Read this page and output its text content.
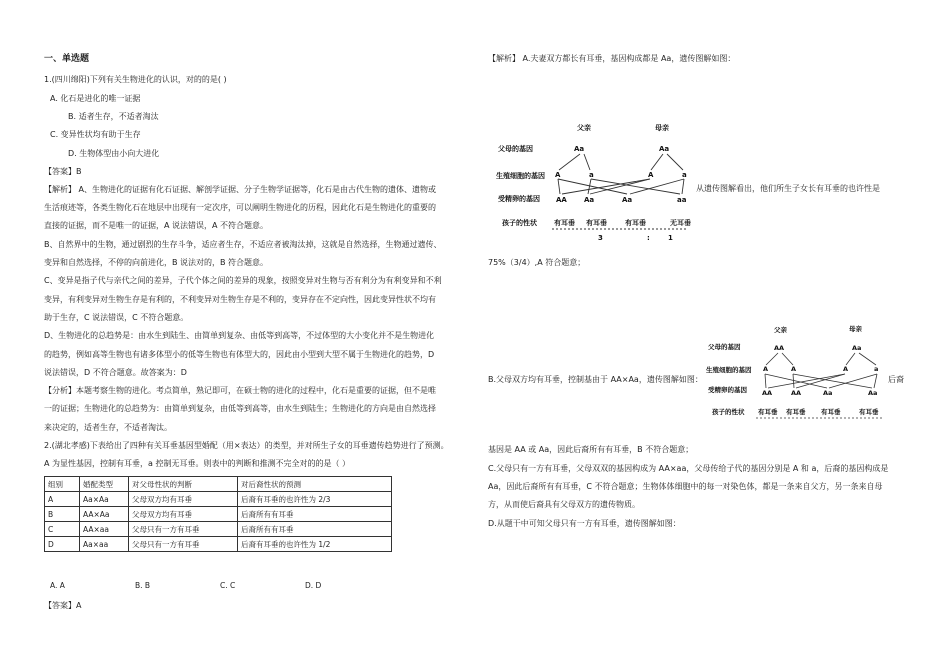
一、单选题
1.(四川绵阳)下列有关生物进化的认识，对的的是( )
A. 化石是进化的唯一证据
B. 适者生存，不适者淘汰
C. 变异性状均有助于生存
D. 生物体型由小向大进化
【答案】B
【解析】 A、生物进化的证据有化石证据、解剖学证据、分子生物学证据等，化石是由古代生物的遗体、遗物或
生活痕迹等，各类生物化石在地层中出现有一定次序，可以阐明生物进化的历程，因此化石是生物进化的重要的
直接的证据，而不是唯一的证据，A 说法错误，A 不符合题意。
B、自然界中的生物，通过剧烈的生存斗争，适应者生存，不适应者被淘汰掉，这就是自然选择，生物通过遗传、
变异和自然选择，不停的向前进化，B 说法对的，B 符合题意。
C、变异是指子代与亲代之间的差异，子代个体之间的差异的现象，按照变异对生物与否有利分为有利变异和不利
变异，有利变异对生物生存是有利的，不利变异对生物生存是不利的，变异存在不定向性，因此变异性状不均有
助于生存，C 说法错误，C 不符合题意。
D、生物进化的总趋势是：由水生到陆生、由简单到复杂、由低等到高等，不过体型的大小变化并不是生物进化
的趋势，例如高等生物也有诸多体型小的低等生物也有体型大的，因此由小型到大型不属于生物进化的趋势，D
说法错误，D 不符合题意。故答案为：D
【分析】本题考察生物的进化。考点简单，熟记即可，在硕士物的进化的过程中，化石是重要的证据，但不是唯
一的证据；生物进化的总趋势为：由简单到复杂，由低等到高等，由水生到陆生；生物进化的方向是由自然选择
来决定的，适者生存，不适者淘汰。
2.(湖北孝感)下表给出了四种有关耳垂基因型婚配（用×表达）的类型，并对所生子女的耳垂遗传趋势进行了预测。
A 为显性基因，控制有耳垂，a 控制无耳垂。则表中的判断和推测不完全对的的是（ ）
组别	婚配类型	对父母性状的判断	对后裔性状的预测
A	Aa×Aa	父母双方均有耳垂	后裔有耳垂的也许性为 2/3
B	AA×Aa	父母双方均有耳垂	后裔所有有耳垂
C	AA×aa	父母只有一方有耳垂	后裔所有有耳垂
D	Aa×aa	父母只有一方有耳垂	后裔有耳垂的也许性为 1/2
A. A	B. B	C. C	D. D
【答案】A
【解析】 A.夫妻双方都长有耳垂，基因构成都是 Aa，遗传图解如图：
父亲	母亲
父母的基因
生殖细胞的基因
受精卵的基因
孩子的性状
Aa	Aa
A	a	A	a
AA Aa	Aa	aa
有耳垂 有耳垂	有耳垂	无耳垂
3	:	1
从遗传图解看出，他们所生子女长有耳垂的也许性是
75%（3/4）,A 符合题意；
父亲	母亲
父母的基因
生殖细胞的基因
受精卵的基因
孩子的性状
AA	Aa
A	A	A	a
AA	AA	Aa	Aa
有耳垂 有耳垂 有耳垂	有耳垂
B.父母双方均有耳垂，控制基由于 AA×Aa，遗传图解如图：	后裔
基因是 AA 或 Aa，因此后裔所有有耳垂，B 不符合题意；
C.父母只有一方有耳垂，父母双双的基因构成为 AA×aa，父母传给子代的基因分别是 A 和 a，后裔的基因构成是
Aa，因此后裔所有有耳垂，C 不符合题意；生物体体细胞中的每一对染色体，都是一条来自父方，另一条来自母
方，从而使后裔具有父母双方的遗传物质。
D.从题干中可知父母只有一方有耳垂，遗传图解如图：
